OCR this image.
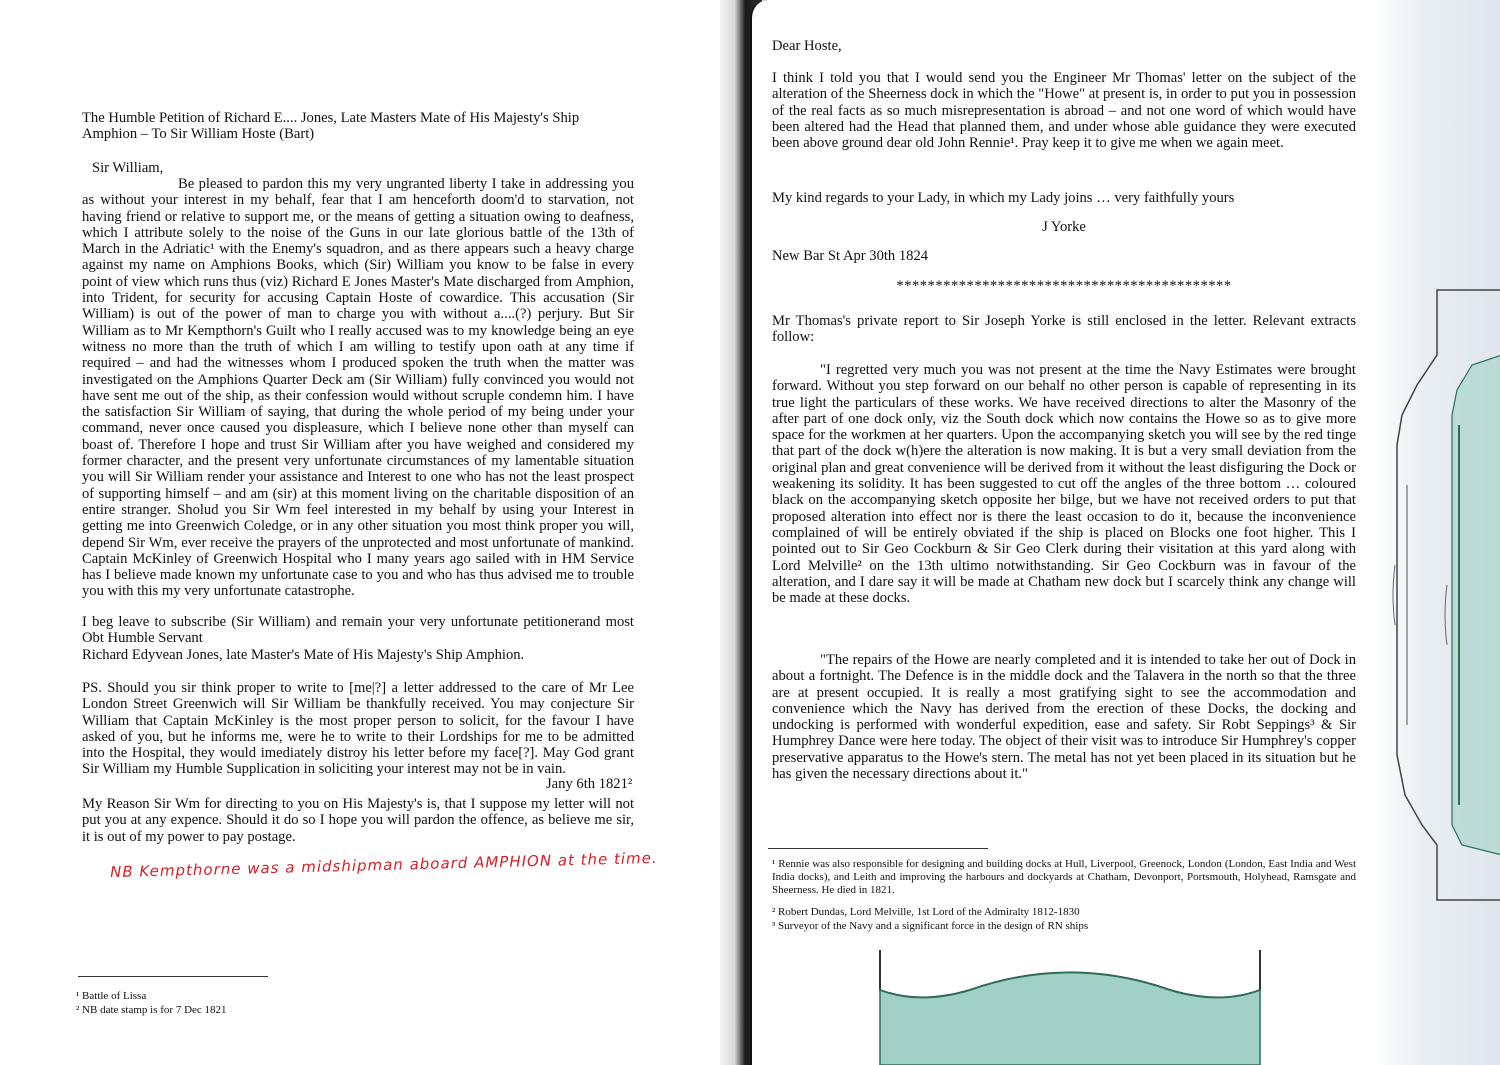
The Humble Petition of Richard E.... Jones, Late Masters Mate of His Majesty's Ship
Amphion – To Sir William Hoste (Bart)
Sir William,
Be pleased to pardon this my very ungranted liberty I take in addressing you as without your interest in my behalf, fear that I am henceforth doom'd to starvation, not having friend or relative to support me, or the means of getting a situation owing to deafness, which I attribute solely to the noise of the Guns in our late glorious battle of the 13th of March in the Adriatic¹ with the Enemy's squadron, and as there appears such a heavy charge against my name on Amphions Books, which (Sir) William you know to be false in every point of view which runs thus (viz) Richard E Jones Master's Mate discharged from Amphion, into Trident, for security for accusing Captain Hoste of cowardice. This accusation (Sir William) is out of the power of man to charge you with without a....(?) perjury. But Sir William as to Mr Kempthorn's Guilt who I really accused was to my knowledge being an eye witness no more than the truth of which I am willing to testify upon oath at any time if required – and had the witnesses whom I produced spoken the truth when the matter was investigated on the Amphions Quarter Deck am (Sir William) fully convinced you would not have sent me out of the ship, as their confession would without scruple condemn him. I have the satisfaction Sir William of saying, that during the whole period of my being under your command, never once caused you displeasure, which I believe none other than myself can boast of. Therefore I hope and trust Sir William after you have weighed and considered my former character, and the present very unfortunate circumstances of my lamentable situation you will Sir William render your assistance and Interest to one who has not the least prospect of supporting himself – and am (sir) at this moment living on the charitable disposition of an entire stranger. Sholud you Sir Wm feel interested in my behalf by using your Interest in getting me into Greenwich Coledge, or in any other situation you most think proper you will, depend Sir Wm, ever receive the prayers of the unprotected and most unfortunate of mankind. Captain McKinley of Greenwich Hospital who I many years ago sailed with in HM Service has I believe made known my unfortunate case to you and who has thus advised me to trouble you with this my very unfortunate catastrophe.
I beg leave to subscribe (Sir William) and remain your very unfortunate petitionerand most Obt Humble Servant
Richard Edyvean Jones, late Master's Mate of His Majesty's Ship Amphion.
PS. Should you sir think proper to write to [me|?] a letter addressed to the care of Mr Lee London Street Greenwich will Sir William be thankfully received. You may conjecture Sir William that Captain McKinley is the most proper person to solicit, for the favour I have asked of you, but he informs me, were he to write to their Lordships for me to be admitted into the Hospital, they would imediately distroy his letter before my face[?]. May God grant Sir William my Humble Supplication in soliciting your interest may not be in vain.
Jany 6th 1821²
My Reason Sir Wm for directing to you on His Majesty's is, that I suppose my letter will not put you at any expence. Should it do so I hope you will pardon the offence, as believe me sir, it is out of my power to pay postage.
NB Kempthorne was a midshipman aboard AMPHION at the time.
¹ Battle of Lissa
² NB date stamp is for 7 Dec 1821
Dear Hoste,
I think I told you that I would send you the Engineer Mr Thomas' letter on the subject of the alteration of the Sheerness dock in which the "Howe" at present is, in order to put you in possession of the real facts as so much misrepresentation is abroad – and not one word of which would have been altered had the Head that planned them, and under whose able guidance they were executed been above ground dear old John Rennie¹. Pray keep it to give me when we again meet.
My kind regards to your Lady, in which my Lady joins … very faithfully yours
J Yorke
New Bar St Apr 30th 1824
*******************************************
Mr Thomas's private report to Sir Joseph Yorke is still enclosed in the letter. Relevant extracts follow:
"I regretted very much you was not present at the time the Navy Estimates were brought forward. Without you step forward on our behalf no other person is capable of representing in its true light the particulars of these works. We have received directions to alter the Masonry of the after part of one dock only, viz the South dock which now contains the Howe so as to give more space for the workmen at her quarters. Upon the accompanying sketch you will see by the red tinge that part of the dock w(h)ere the alteration is now making. It is but a very small deviation from the original plan and great convenience will be derived from it without the least disfiguring the Dock or weakening its solidity. It has been suggested to cut off the angles of the three bottom … coloured black on the accompanying sketch opposite her bilge, but we have not received orders to put that proposed alteration into effect nor is there the least occasion to do it, because the inconvenience complained of will be entirely obviated if the ship is placed on Blocks one foot higher. This I pointed out to Sir Geo Cockburn & Sir Geo Clerk during their visitation at this yard along with Lord Melville² on the 13th ultimo notwithstanding. Sir Geo Cockburn was in favour of the alteration, and I dare say it will be made at Chatham new dock but I scarcely think any change will be made at these docks.
"The repairs of the Howe are nearly completed and it is intended to take her out of Dock in about a fortnight. The Defence is in the middle dock and the Talavera in the north so that the three are at present occupied. It is really a most gratifying sight to see the accommodation and convenience which the Navy has derived from the erection of these Docks, the docking and undocking is performed with wonderful expedition, ease and safety. Sir Robt Seppings³ & Sir Humphrey Dance were here today. The object of their visit was to introduce Sir Humphrey's copper preservative apparatus to the Howe's stern. The metal has not yet been placed in its situation but he has given the necessary directions about it."
¹ Rennie was also responsible for designing and building docks at Hull, Liverpool, Greenock, London (London, East India and West India docks), and Leith and improving the harbours and dockyards at Chatham, Devonport, Portsmouth, Holyhead, Ramsgate and Sheerness. He died in 1821.
² Robert Dundas, Lord Melville, 1st Lord of the Admiralty 1812-1830
³ Surveyor of the Navy and a significant force in the design of RN ships
